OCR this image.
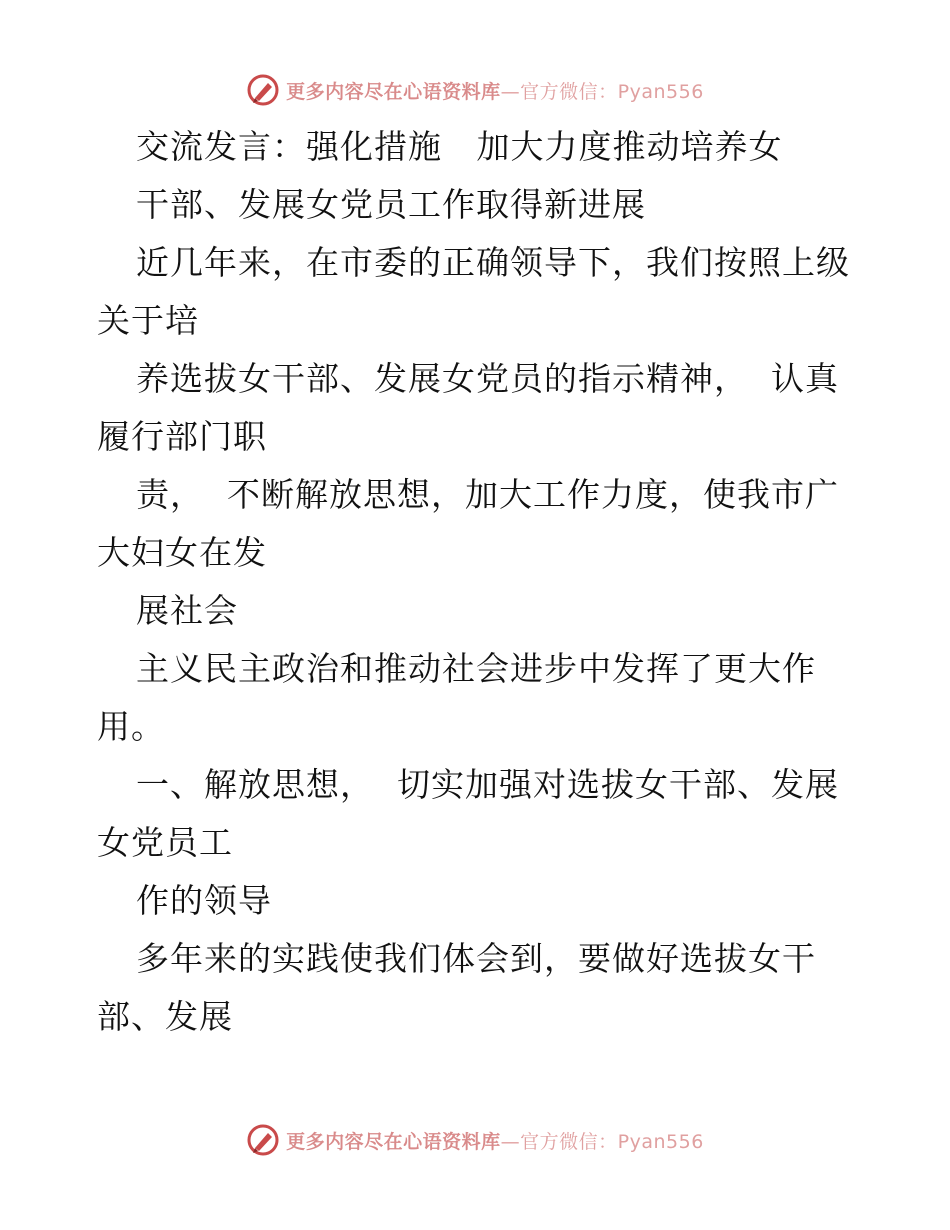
更多内容尽在心语资料库—官方微信：Pyan556
交流发言：强化措施   加大力度推动培养女
干部、发展女党员工作取得新进展
近几年来，在市委的正确领导下，我们按照上级
关于培
养选拔女干部、发展女党员的指示精神，  认真
履行部门职
责，  不断解放思想，加大工作力度，使我市广
大妇女在发
展社会
主义民主政治和推动社会进步中发挥了更大作
用。
一、解放思想，  切实加强对选拔女干部、发展
女党员工
作的领导
多年来的实践使我们体会到，要做好选拔女干
部、发展
更多内容尽在心语资料库—官方微信：Pyan556
